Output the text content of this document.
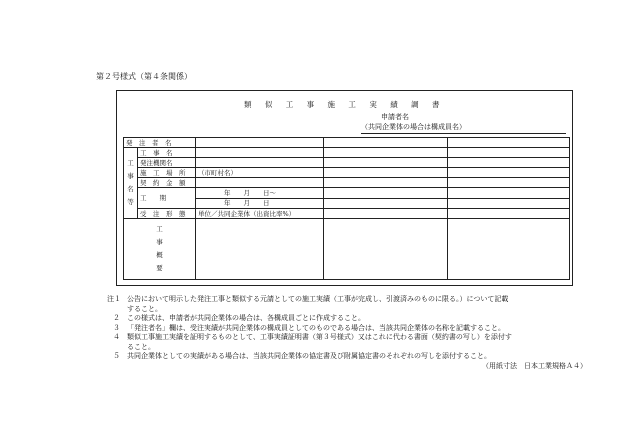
第２号様式（第４条関係）
類 似 工 事 施 工 実 績 調 書
申請者名
（共同企業体の場合は構成員名）
発　注　者　名				

工
事
名
等	工　事　名			
	発注機関名			
	施　工　場　所	（市町村名）		
	契　約　金　額			
	工　　期	年　　月　　日～		
		年　　月　　日		
	受　注　形　態	単位／共同企業体（出資比率%）		

工
事
概
要				

注１ 公告において明示した発注工事と類似する元請としての施工実績（工事が完成し、引渡済みのものに限る。）について記載
すること。
２ この様式は、申請者が共同企業体の場合は、各構成員ごとに作成すること。
３ 「発注者名」欄は、受注実績が共同企業体の構成員としてのものである場合は、当該共同企業体の名称を記載すること。
４ 類似工事施工実績を証明するものとして、工事実績証明書（第３号様式）又はこれに代わる書面（契約書の写し）を添付す
ること。
５ 共同企業体としての実績がある場合は、当該共同企業体の協定書及び附属協定書のそれぞれの写しを添付すること。
（用紙寸法　日本工業規格Ａ４）
